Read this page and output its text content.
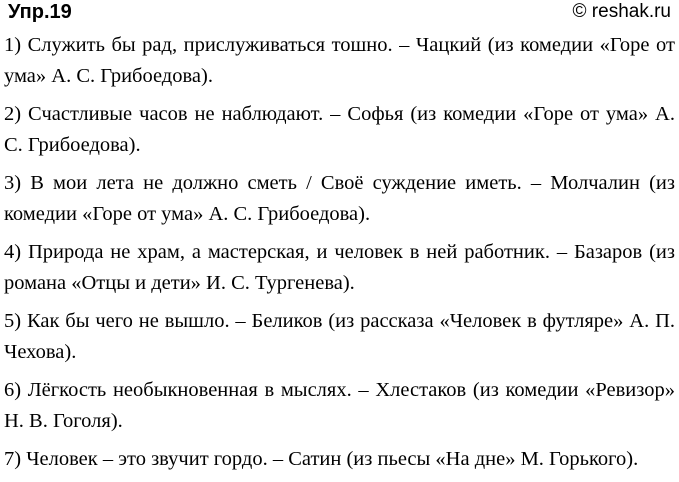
Упр.19	© reshak.ru

1) Служить бы рад, прислуживаться тошно. – Чацкий (из комедии «Горе от ума» А. С. Грибоедова).

2) Счастливые часов не наблюдают. – Софья (из комедии «Горе от ума» А. С. Грибоедова).

3) В мои лета не должно сметь / Своё суждение иметь. – Молчалин (из комедии «Горе от ума» А. С. Грибоедова).

4) Природа не храм, а мастерская, и человек в ней работник. – Базаров (из романа «Отцы и дети» И. С. Тургенева).

5) Как бы чего не вышло. – Беликов (из рассказа «Человек в футляре» А. П. Чехова).

6) Лёгкость необыкновенная в мыслях. – Хлестаков (из комедии «Ревизор» Н. В. Гоголя).

7) Человек – это звучит гордо. – Сатин (из пьесы «На дне» М. Горького).
